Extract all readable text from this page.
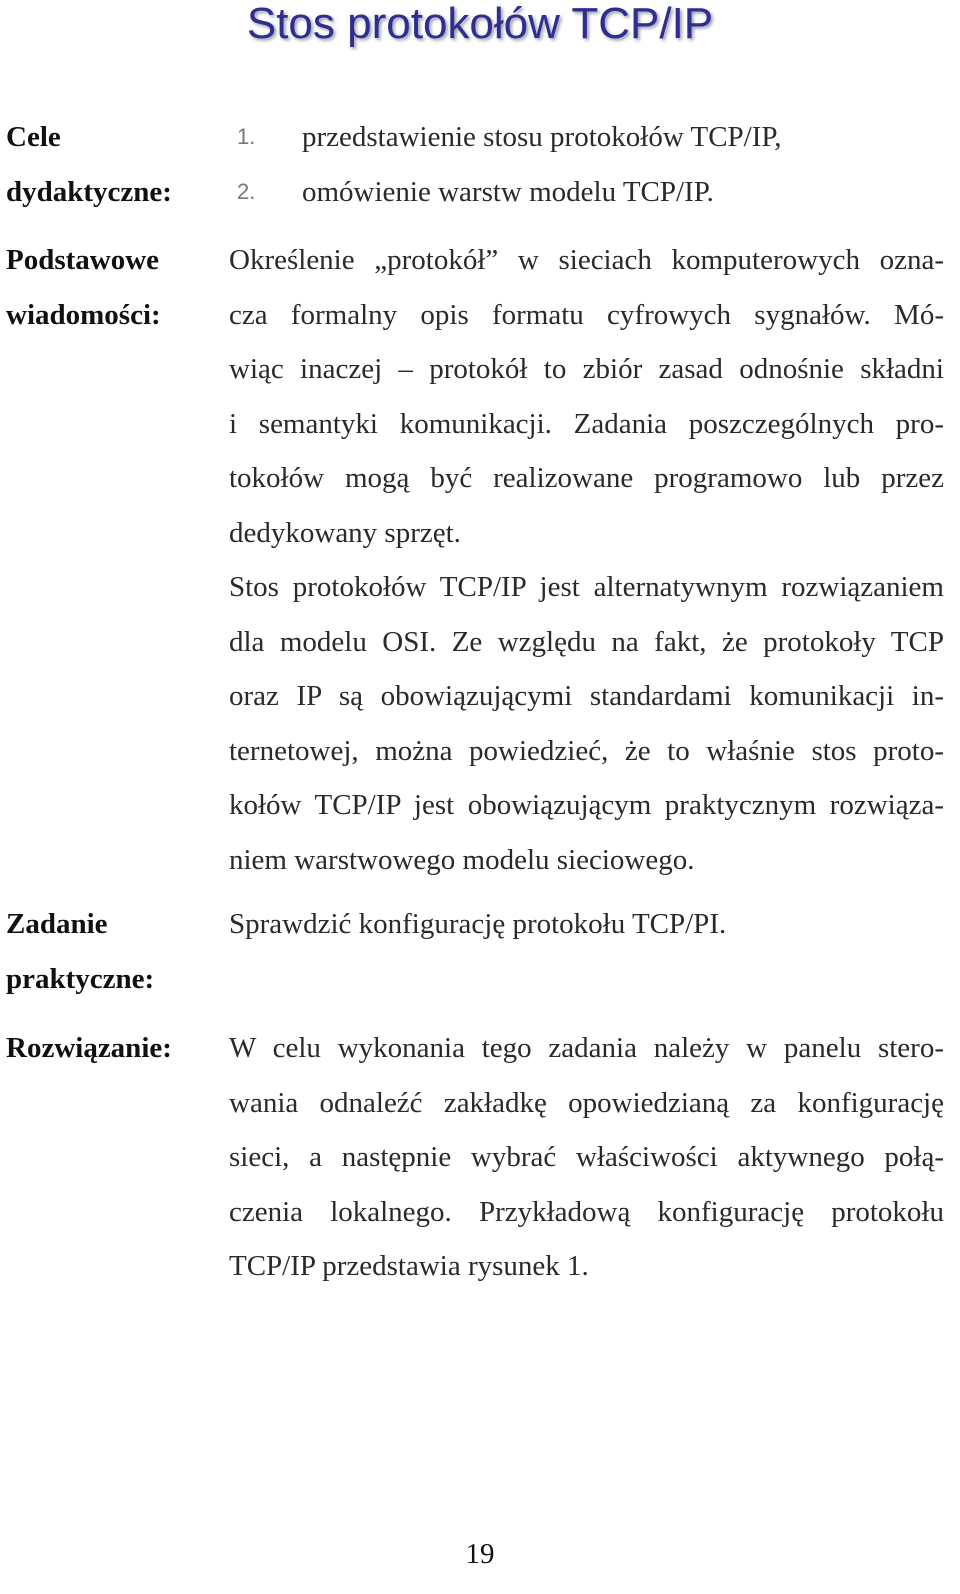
Stos protokołów TCP/IP
Cele
dydaktyczne:
1. przedstawienie stosu protokołów TCP/IP,
2. omówienie warstw modelu TCP/IP.
Podstawowe
wiadomości:
Określenie „protokół” w sieciach komputerowych ozna-
cza formalny opis formatu cyfrowych sygnałów. Mó-
wiąc inaczej – protokół to zbiór zasad odnośnie składni
i semantyki komunikacji. Zadania poszczególnych pro-
tokołów mogą być realizowane programowo lub przez
dedykowany sprzęt.
Stos protokołów TCP/IP jest alternatywnym rozwiązaniem
dla modelu OSI. Ze względu na fakt, że protokoły TCP
oraz IP są obowiązującymi standardami komunikacji in-
ternetowej, można powiedzieć, że to właśnie stos proto-
kołów TCP/IP jest obowiązującym praktycznym rozwiąza-
niem warstwowego modelu sieciowego.
Zadanie
praktyczne:
Sprawdzić konfigurację protokołu TCP/PI.
Rozwiązanie:	W celu wykonania tego zadania należy w panelu stero-
wania odnaleźć zakładkę opowiedzianą za konfigurację
sieci, a następnie wybrać właściwości aktywnego połą-
czenia lokalnego. Przykładową konfigurację protokołu
TCP/IP przedstawia rysunek 1.
19
